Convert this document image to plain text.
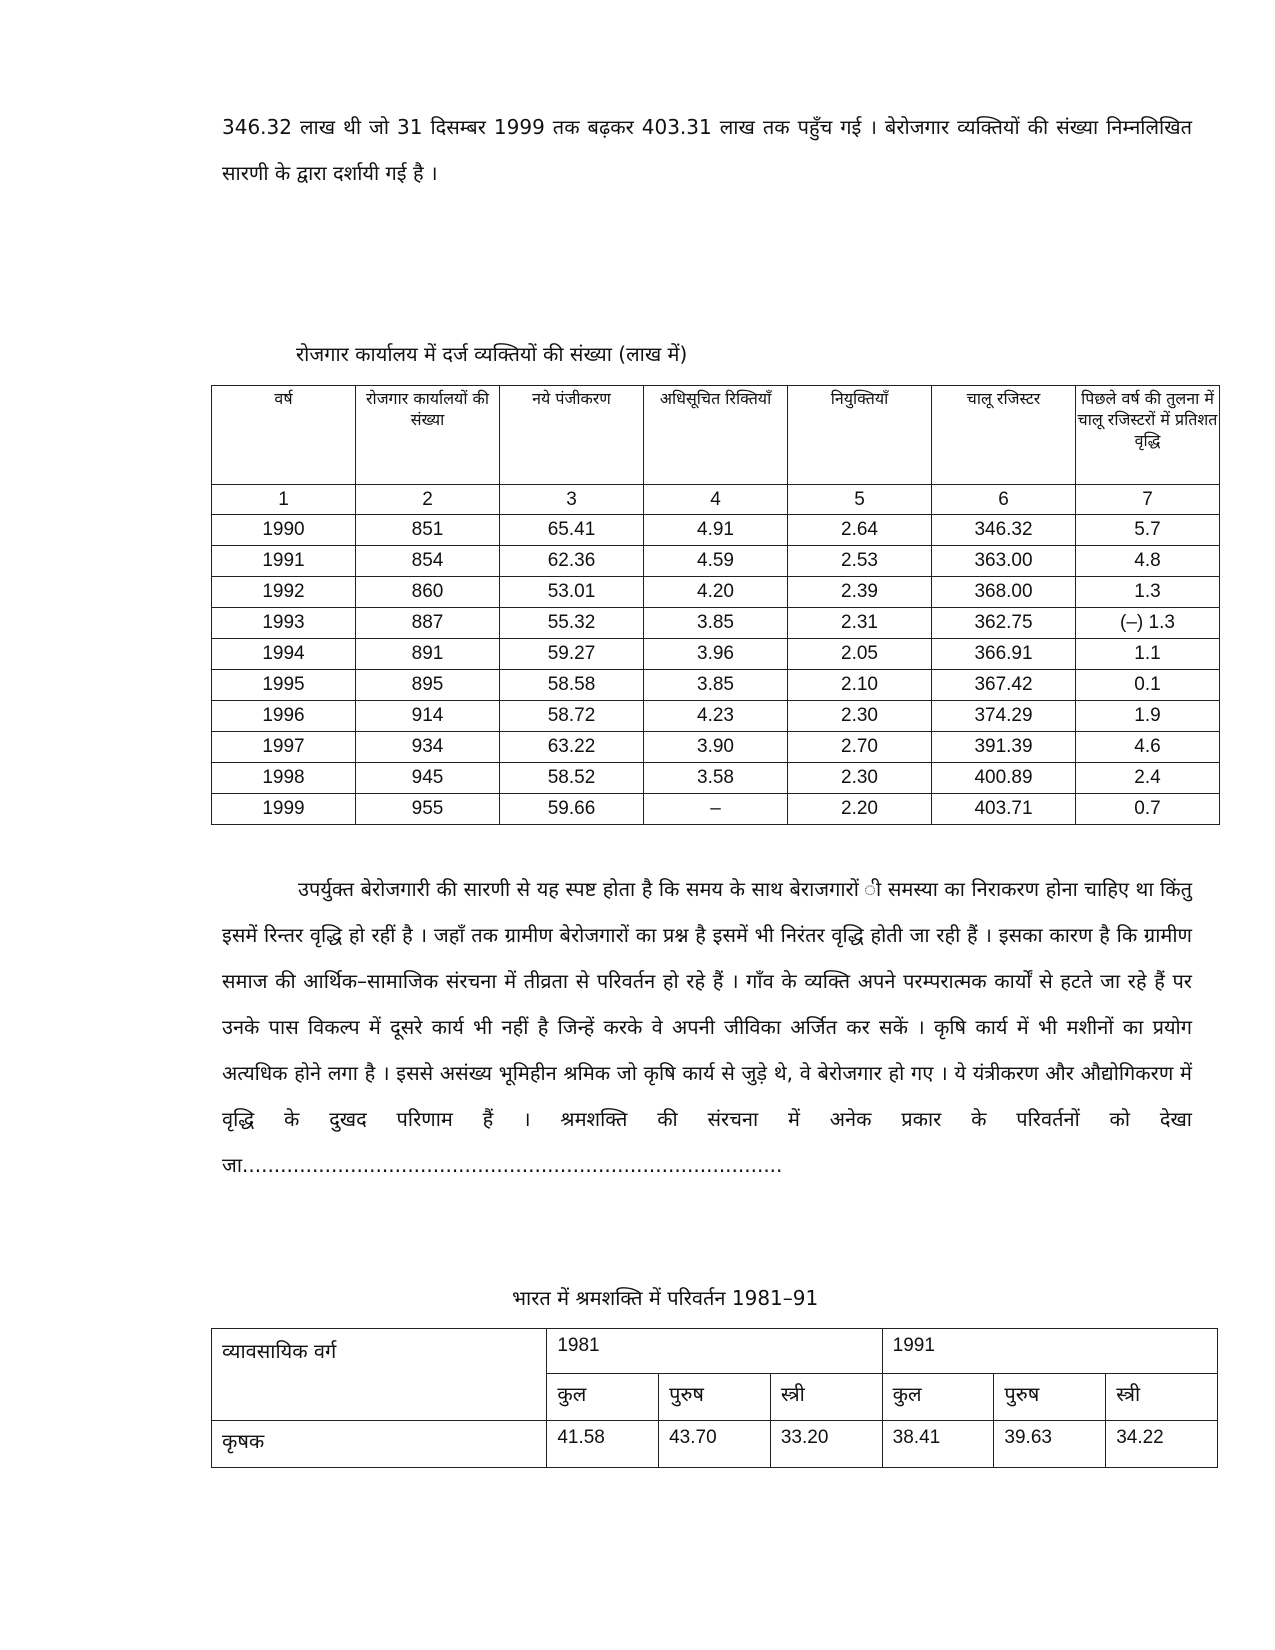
346.32 लाख थी जो 31 दिसम्बर 1999 तक बढ़कर 403.31 लाख तक पहुँच गई । बेरोजगार व्यक्तियों की संख्या निम्नलिखित सारणी के द्वारा दर्शायी गई है ।
रोजगार कार्यालय में दर्ज व्यक्तियों की संख्या (लाख में)
वर्ष	रोजगार कार्यालयों की संख्या	नये पंजीकरण	अधिसूचित रिक्तियाँ	नियुक्तियाँ	चालू रजिस्टर	पिछले वर्ष की तुलना में चालू रजिस्टरों में प्रतिशत वृद्धि
1	2	3	4	5	6	7
1990	851	65.41	4.91	2.64	346.32	5.7
1991	854	62.36	4.59	2.53	363.00	4.8
1992	860	53.01	4.20	2.39	368.00	1.3
1993	887	55.32	3.85	2.31	362.75	(–) 1.3
1994	891	59.27	3.96	2.05	366.91	1.1
1995	895	58.58	3.85	2.10	367.42	0.1
1996	914	58.72	4.23	2.30	374.29	1.9
1997	934	63.22	3.90	2.70	391.39	4.6
1998	945	58.52	3.58	2.30	400.89	2.4
1999	955	59.66	–	2.20	403.71	0.7
उपर्युक्त बेरोजगारी की सारणी से यह स्पष्ट होता है कि समय के साथ बेराजगारों ी समस्या का निराकरण होना चाहिए था किंतु इसमें रिन्तर वृद्धि हो रहीं है । जहाँ तक ग्रामीण बेरोजगारों का प्रश्न है इसमें भी निरंतर वृद्धि होती जा रही हैं । इसका कारण है कि ग्रामीण समाज की आर्थिक–सामाजिक संरचना में तीव्रता से परिवर्तन हो रहे हैं । गाँव के व्यक्ति अपने परम्परात्मक कार्यों से हटते जा रहे हैं पर उनके पास विकल्प में दूसरे कार्य भी नहीं है जिन्हें करके वे अपनी जीविका अर्जित कर सकें । कृषि कार्य में भी मशीनों का प्रयोग अत्यधिक होने लगा है । इससे असंख्य भूमिहीन श्रमिक जो कृषि कार्य से जुड़े थे, वे बेरोजगार हो गए । ये यंत्रीकरण और औद्योगिकरण में वृद्धि के दुखद परिणाम हैं । श्रमशक्ति की संरचना में अनेक प्रकार के परिवर्तनों को देखा जा.....................................................................................
भारत में श्रमशक्ति में परिवर्तन 1981–91
व्यावसायिक वर्ग	1981			1991		
	कुल	पुरुष	स्त्री	कुल	पुरुष	स्त्री
कृषक	41.58	43.70	33.20	38.41	39.63	34.22
